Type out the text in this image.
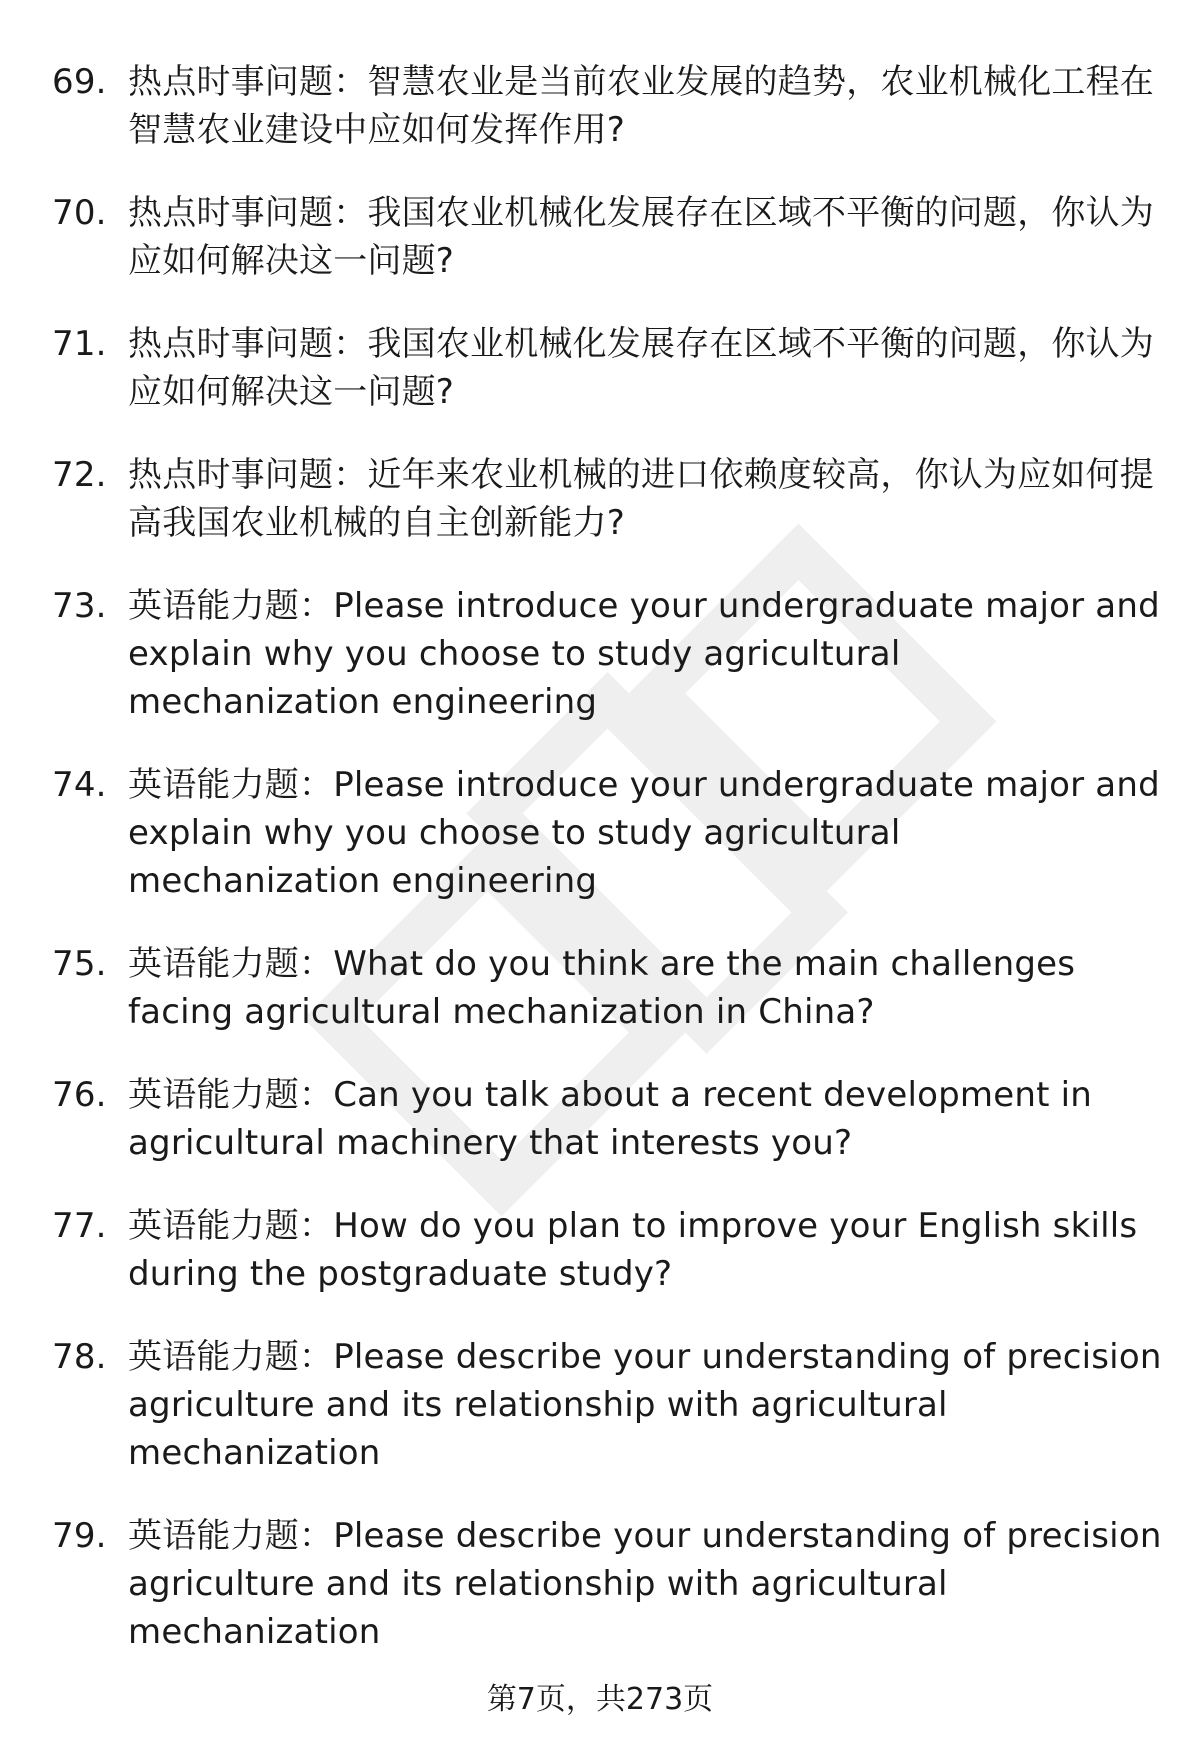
69. 热点时事问题：智慧农业是当前农业发展的趋势，农业机械化工程在智慧农业建设中应如何发挥作用?
70. 热点时事问题：我国农业机械化发展存在区域不平衡的问题，你认为应如何解决这一问题?
71. 热点时事问题：我国农业机械化发展存在区域不平衡的问题，你认为应如何解决这一问题?
72. 热点时事问题：近年来农业机械的进口依赖度较高，你认为应如何提高我国农业机械的自主创新能力?
73. 英语能力题：Please introduce your undergraduate major and explain why you choose to study agricultural mechanization engineering
74. 英语能力题：Please introduce your undergraduate major and explain why you choose to study agricultural mechanization engineering
75. 英语能力题：What do you think are the main challenges facing agricultural mechanization in China?
76. 英语能力题：Can you talk about a recent development in agricultural machinery that interests you?
77. 英语能力题：How do you plan to improve your English skills during the postgraduate study?
78. 英语能力题：Please describe your understanding of precision agriculture and its relationship with agricultural mechanization
79. 英语能力题：Please describe your understanding of precision agriculture and its relationship with agricultural mechanization
第7页，共273页
